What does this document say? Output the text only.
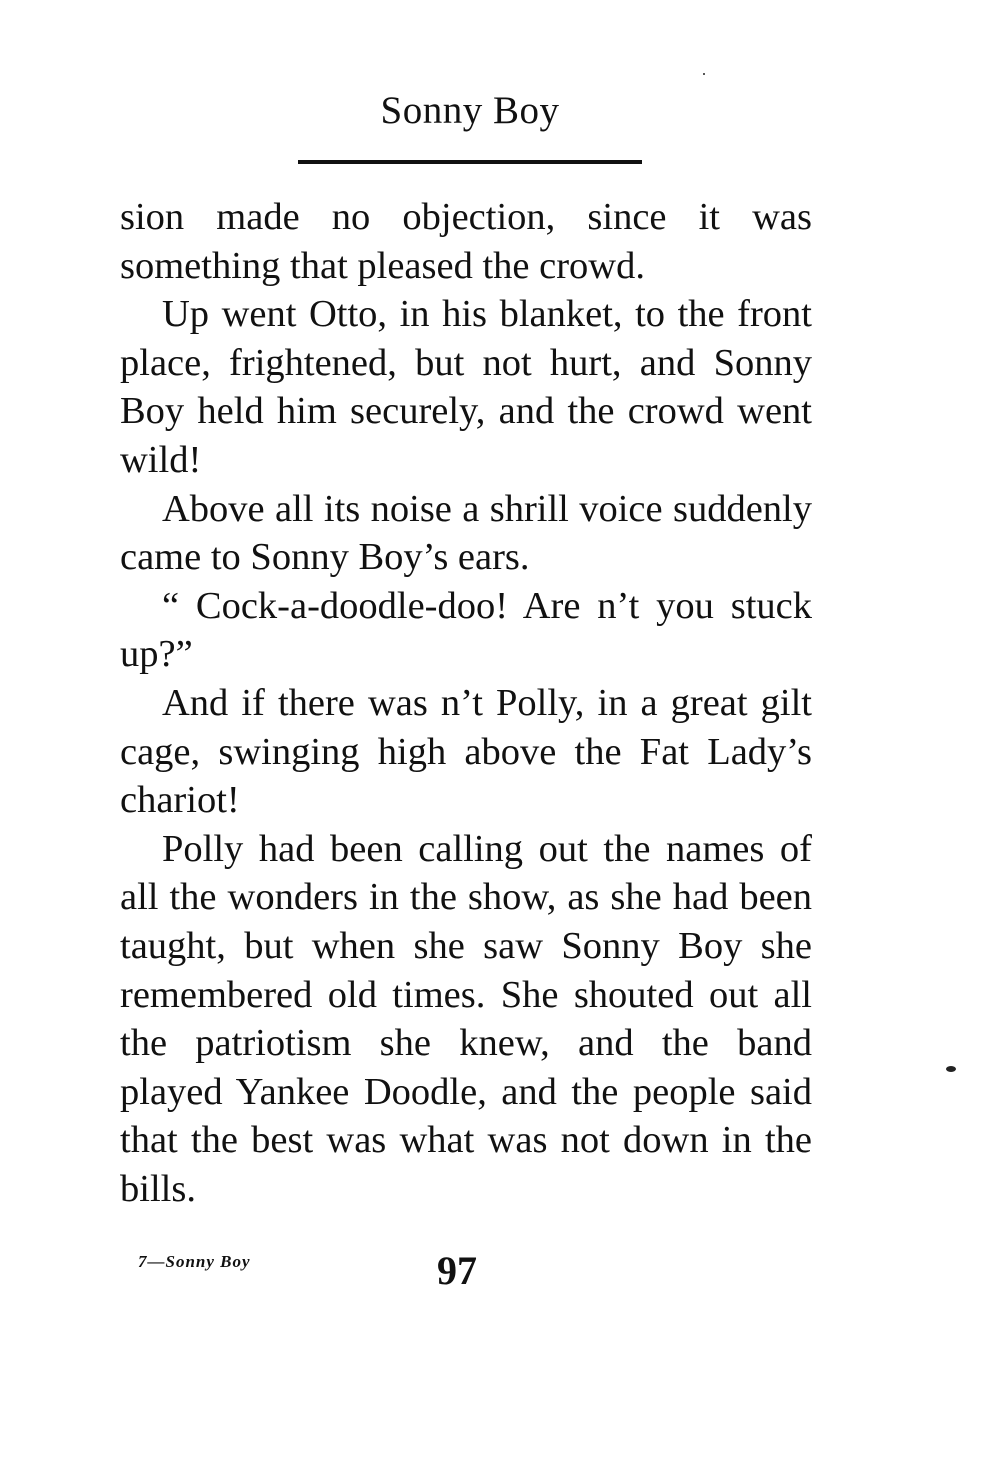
Sonny Boy

sion made no objection, since it was something that pleased the crowd.

Up went Otto, in his blanket, to the front place, frightened, but not hurt, and Sonny Boy held him securely, and the crowd went wild!

Above all its noise a shrill voice suddenly came to Sonny Boy’s ears.

“ Cock-a-doodle-doo! Are n’t you stuck up?”

And if there was n’t Polly, in a great gilt cage, swinging high above the Fat Lady’s chariot!

Polly had been calling out the names of all the wonders in the show, as she had been taught, but when she saw Sonny Boy she remembered old times. She shouted out all the patriotism she knew, and the band played Yankee Doodle, and the people said that the best was what was not down in the bills.

7—Sonny Boy	97
